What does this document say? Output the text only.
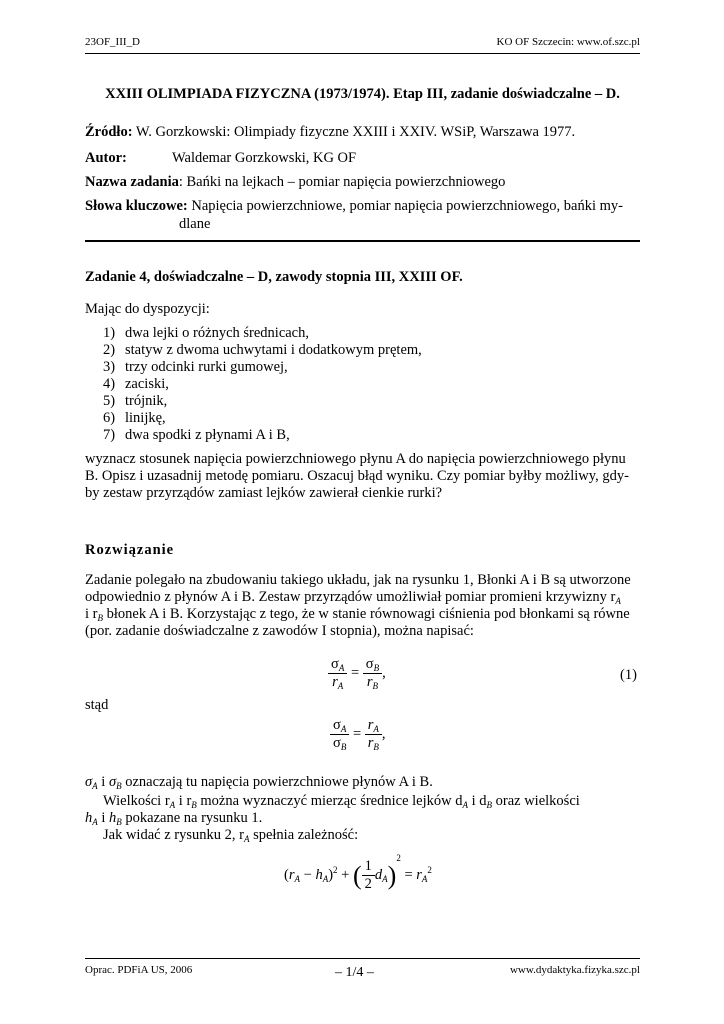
23OF_III_D	KO OF Szczecin: www.of.szc.pl
XXIII OLIMPIADA FIZYCZNA (1973/1974). Etap III, zadanie doświadczalne – D.
Źródło: W. Gorzkowski: Olimpiady fizyczne XXIII i XXIV. WSiP, Warszawa 1977.
Autor:	Waldemar Gorzkowski, KG OF
Nazwa zadania: Bańki na lejkach – pomiar napięcia powierzchniowego
Słowa kluczowe: Napięcia powierzchniowe, pomiar napięcia powierzchniowego, bańki my-
dlane
Zadanie 4, doświadczalne – D, zawody stopnia III, XXIII OF.
Mając do dyspozycji:
1) dwa lejki o różnych średnicach,
2) statyw z dwoma uchwytami i dodatkowym prętem,
3) trzy odcinki rurki gumowej,
4) zaciski,
5) trójnik,
6) linijkę,
7) dwa spodki z płynami A i B,
wyznacz stosunek napięcia powierzchniowego płynu A do napięcia powierzchniowego płynu
B. Opisz i uzasadnij metodę pomiaru. Oszacuj błąd wyniku. Czy pomiar byłby możliwy, gdy-
by zestaw przyrządów zamiast lejków zawierał cienkie rurki?
Rozwiązanie
Zadanie polegało na zbudowaniu takiego układu, jak na rysunku 1, Błonki A i B są utworzone
odpowiednio z płynów A i B. Zestaw przyrządów umożliwiał pomiar promieni krzywizny $r_A$
i $r_B$ błonek A i B. Korzystając z tego, że w stanie równowagi ciśnienia pod błonkami są równe
(por. zadanie doświadczalne z zawodów I stopnia), można napisać:
$\frac{\sigma_A}{r_A} = \frac{\sigma_B}{r_B}$ ,	(1)
stąd
$\frac{\sigma_A}{\sigma_B} = \frac{r_A}{r_B}$ ,
$\sigma_A$ i $\sigma_B$ oznaczają tu napięcia powierzchniowe płynów A i B.
Wielkości $r_A$ i $r_B$ można wyznaczyć mierząc średnice lejków $d_A$ i $d_B$ oraz wielkości
$h_A$ i $h_B$ pokazane na rysunku 1.
Jak widać z rysunku 2, $r_A$ spełnia zależność:
$(r_A - h_A)^2$ + ( $\frac{1}{2} d_A)^2 = r_A^2$
Oprac. PDFiA US, 2006	– 1/4 –	www.dydaktyka.fizyka.szc.pl
